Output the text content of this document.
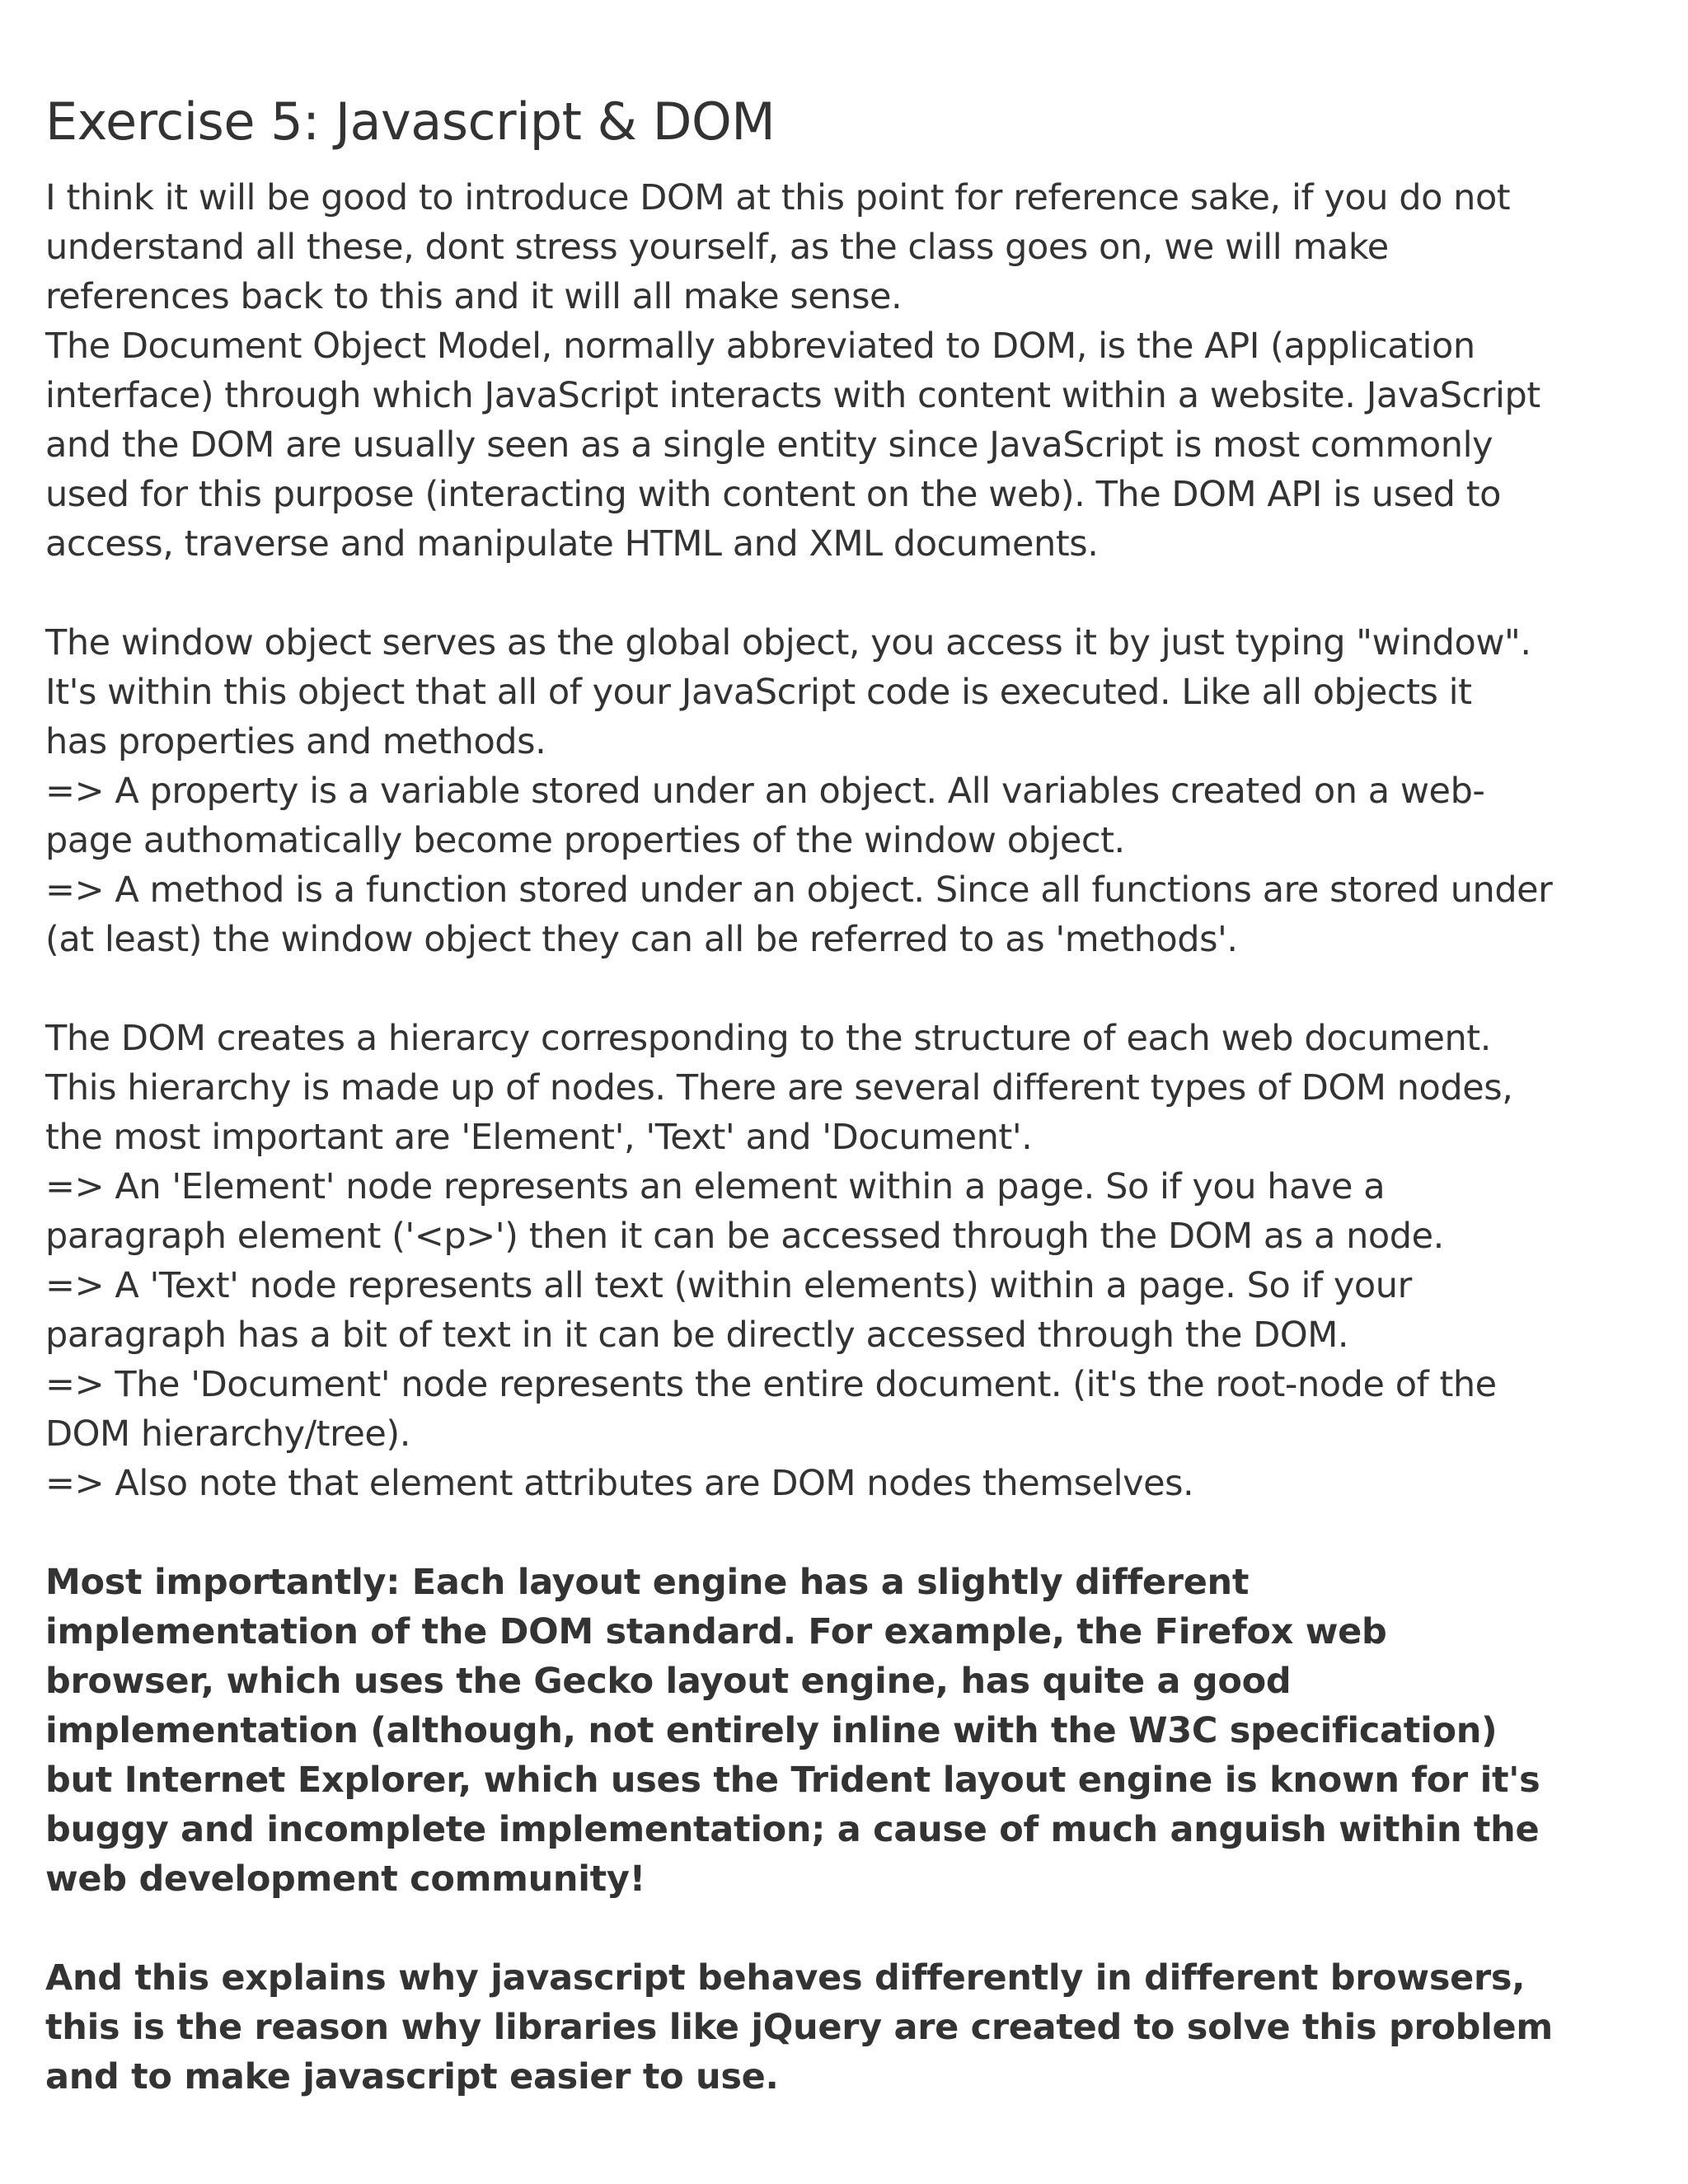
Exercise 5: Javascript & DOM
I think it will be good to introduce DOM at this point for reference sake, if you do not
understand all these, dont stress yourself, as the class goes on, we will make
references back to this and it will all make sense.
The Document Object Model, normally abbreviated to DOM, is the API (application
interface) through which JavaScript interacts with content within a website. JavaScript
and the DOM are usually seen as a single entity since JavaScript is most commonly
used for this purpose (interacting with content on the web). The DOM API is used to
access, traverse and manipulate HTML and XML documents.
The window object serves as the global object, you access it by just typing "window".
It's within this object that all of your JavaScript code is executed. Like all objects it
has properties and methods.
=> A property is a variable stored under an object. All variables created on a web-
page authomatically become properties of the window object.
=> A method is a function stored under an object. Since all functions are stored under
(at least) the window object they can all be referred to as 'methods'.
The DOM creates a hierarcy corresponding to the structure of each web document.
This hierarchy is made up of nodes. There are several different types of DOM nodes,
the most important are 'Element', 'Text' and 'Document'.
=> An 'Element' node represents an element within a page. So if you have a
paragraph element ('<p>') then it can be accessed through the DOM as a node.
=> A 'Text' node represents all text (within elements) within a page. So if your
paragraph has a bit of text in it can be directly accessed through the DOM.
=> The 'Document' node represents the entire document. (it's the root-node of the
DOM hierarchy/tree).
=> Also note that element attributes are DOM nodes themselves.
Most importantly: Each layout engine has a slightly different
implementation of the DOM standard. For example, the Firefox web
browser, which uses the Gecko layout engine, has quite a good
implementation (although, not entirely inline with the W3C specification)
but Internet Explorer, which uses the Trident layout engine is known for it's
buggy and incomplete implementation; a cause of much anguish within the
web development community!
And this explains why javascript behaves differently in different browsers,
this is the reason why libraries like jQuery are created to solve this problem
and to make javascript easier to use.
